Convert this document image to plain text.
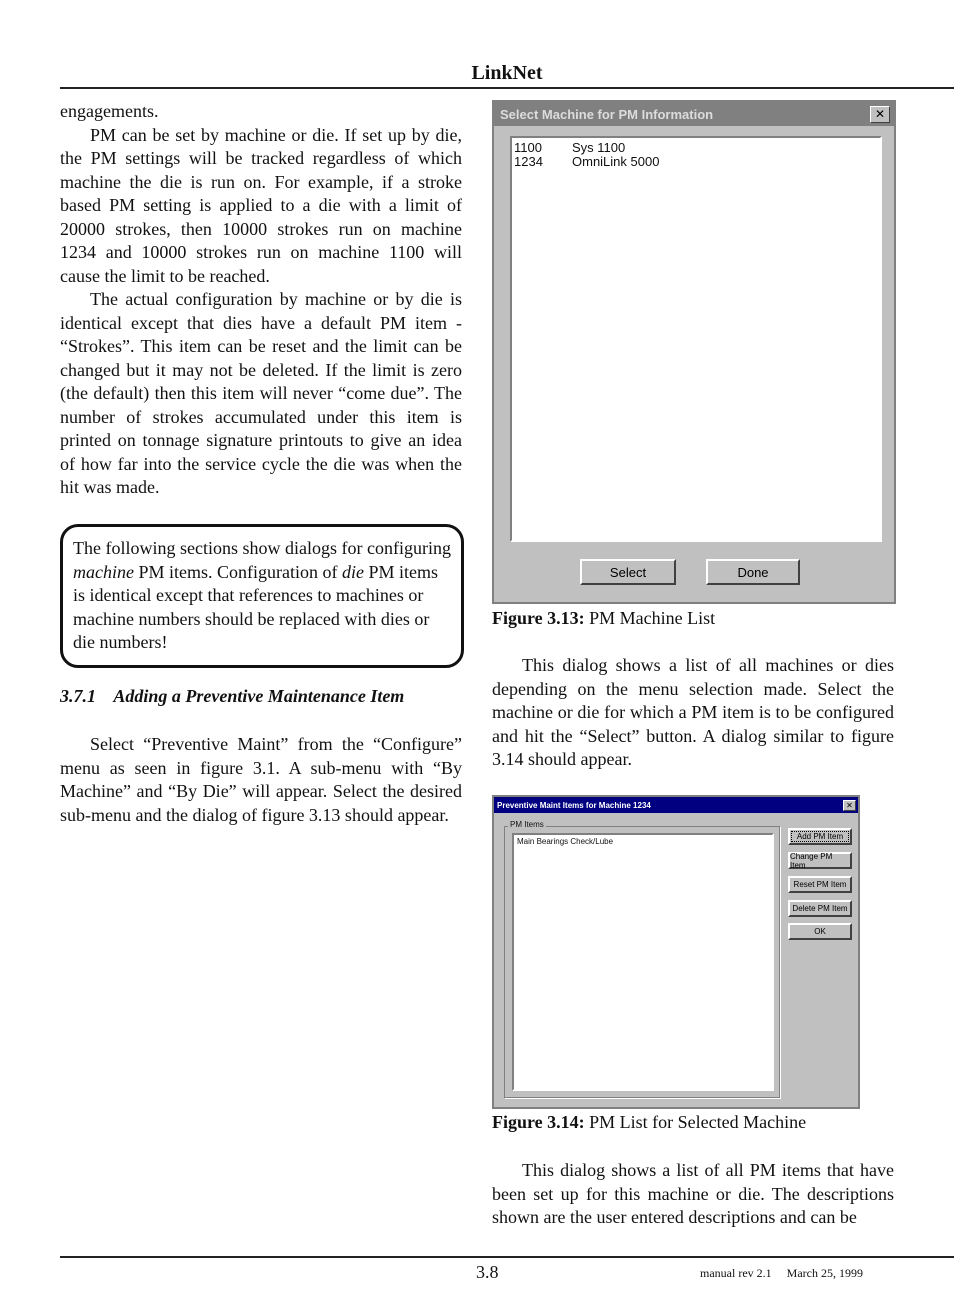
LinkNet

engagements.

PM can be set by machine or die. If set up by die, the PM settings will be tracked regardless of which machine the die is run on. For example, if a stroke based PM setting is applied to a die with a limit of 20000 strokes, then 10000 strokes run on machine 1234 and 10000 strokes run on machine 1100 will cause the limit to be reached.

The actual configuration by machine or by die is identical except that dies have a default PM item - “Strokes”. This item can be reset and the limit can be changed but it may not be deleted. If the limit is zero (the default) then this item will never “come due”. The number of strokes accumulated under this item is printed on tonnage signature printouts to give an idea of how far into the service cycle the die was when the hit was made.

The following sections show dialogs for configuring machine PM items. Configuration of die PM items is identical except that references to machines or machine numbers should be replaced with dies or die numbers!
3.7.1    Adding a Preventive Maintenance Item

Select “Preventive Maint” from the “Configure” menu as seen in figure 3.1. A sub-menu with “By Machine” and “By Die” will appear. Select the desired sub-menu and the dialog of figure 3.13 should appear.

Select Machine for PM Information	✕
1100	Sys 1100
1234	OmniLink 5000
Select	Done
Figure 3.13: PM Machine List

This dialog shows a list of all machines or dies depending on the menu selection made. Select the machine or die for which a PM item is to be configured and hit the “Select” button. A dialog similar to figure 3.14 should appear.

Preventive Maint Items for Machine 1234	✕
PM Items
Main Bearings Check/Lube
Add PM Item
Change PM Item
Reset PM Item
Delete PM Item
OK
Figure 3.14: PM List for Selected Machine

This dialog shows a list of all PM items that have been set up for this machine or die. The descriptions shown are the user entered descriptions and can be

3.8	manual rev 2.1     March 25, 1999
